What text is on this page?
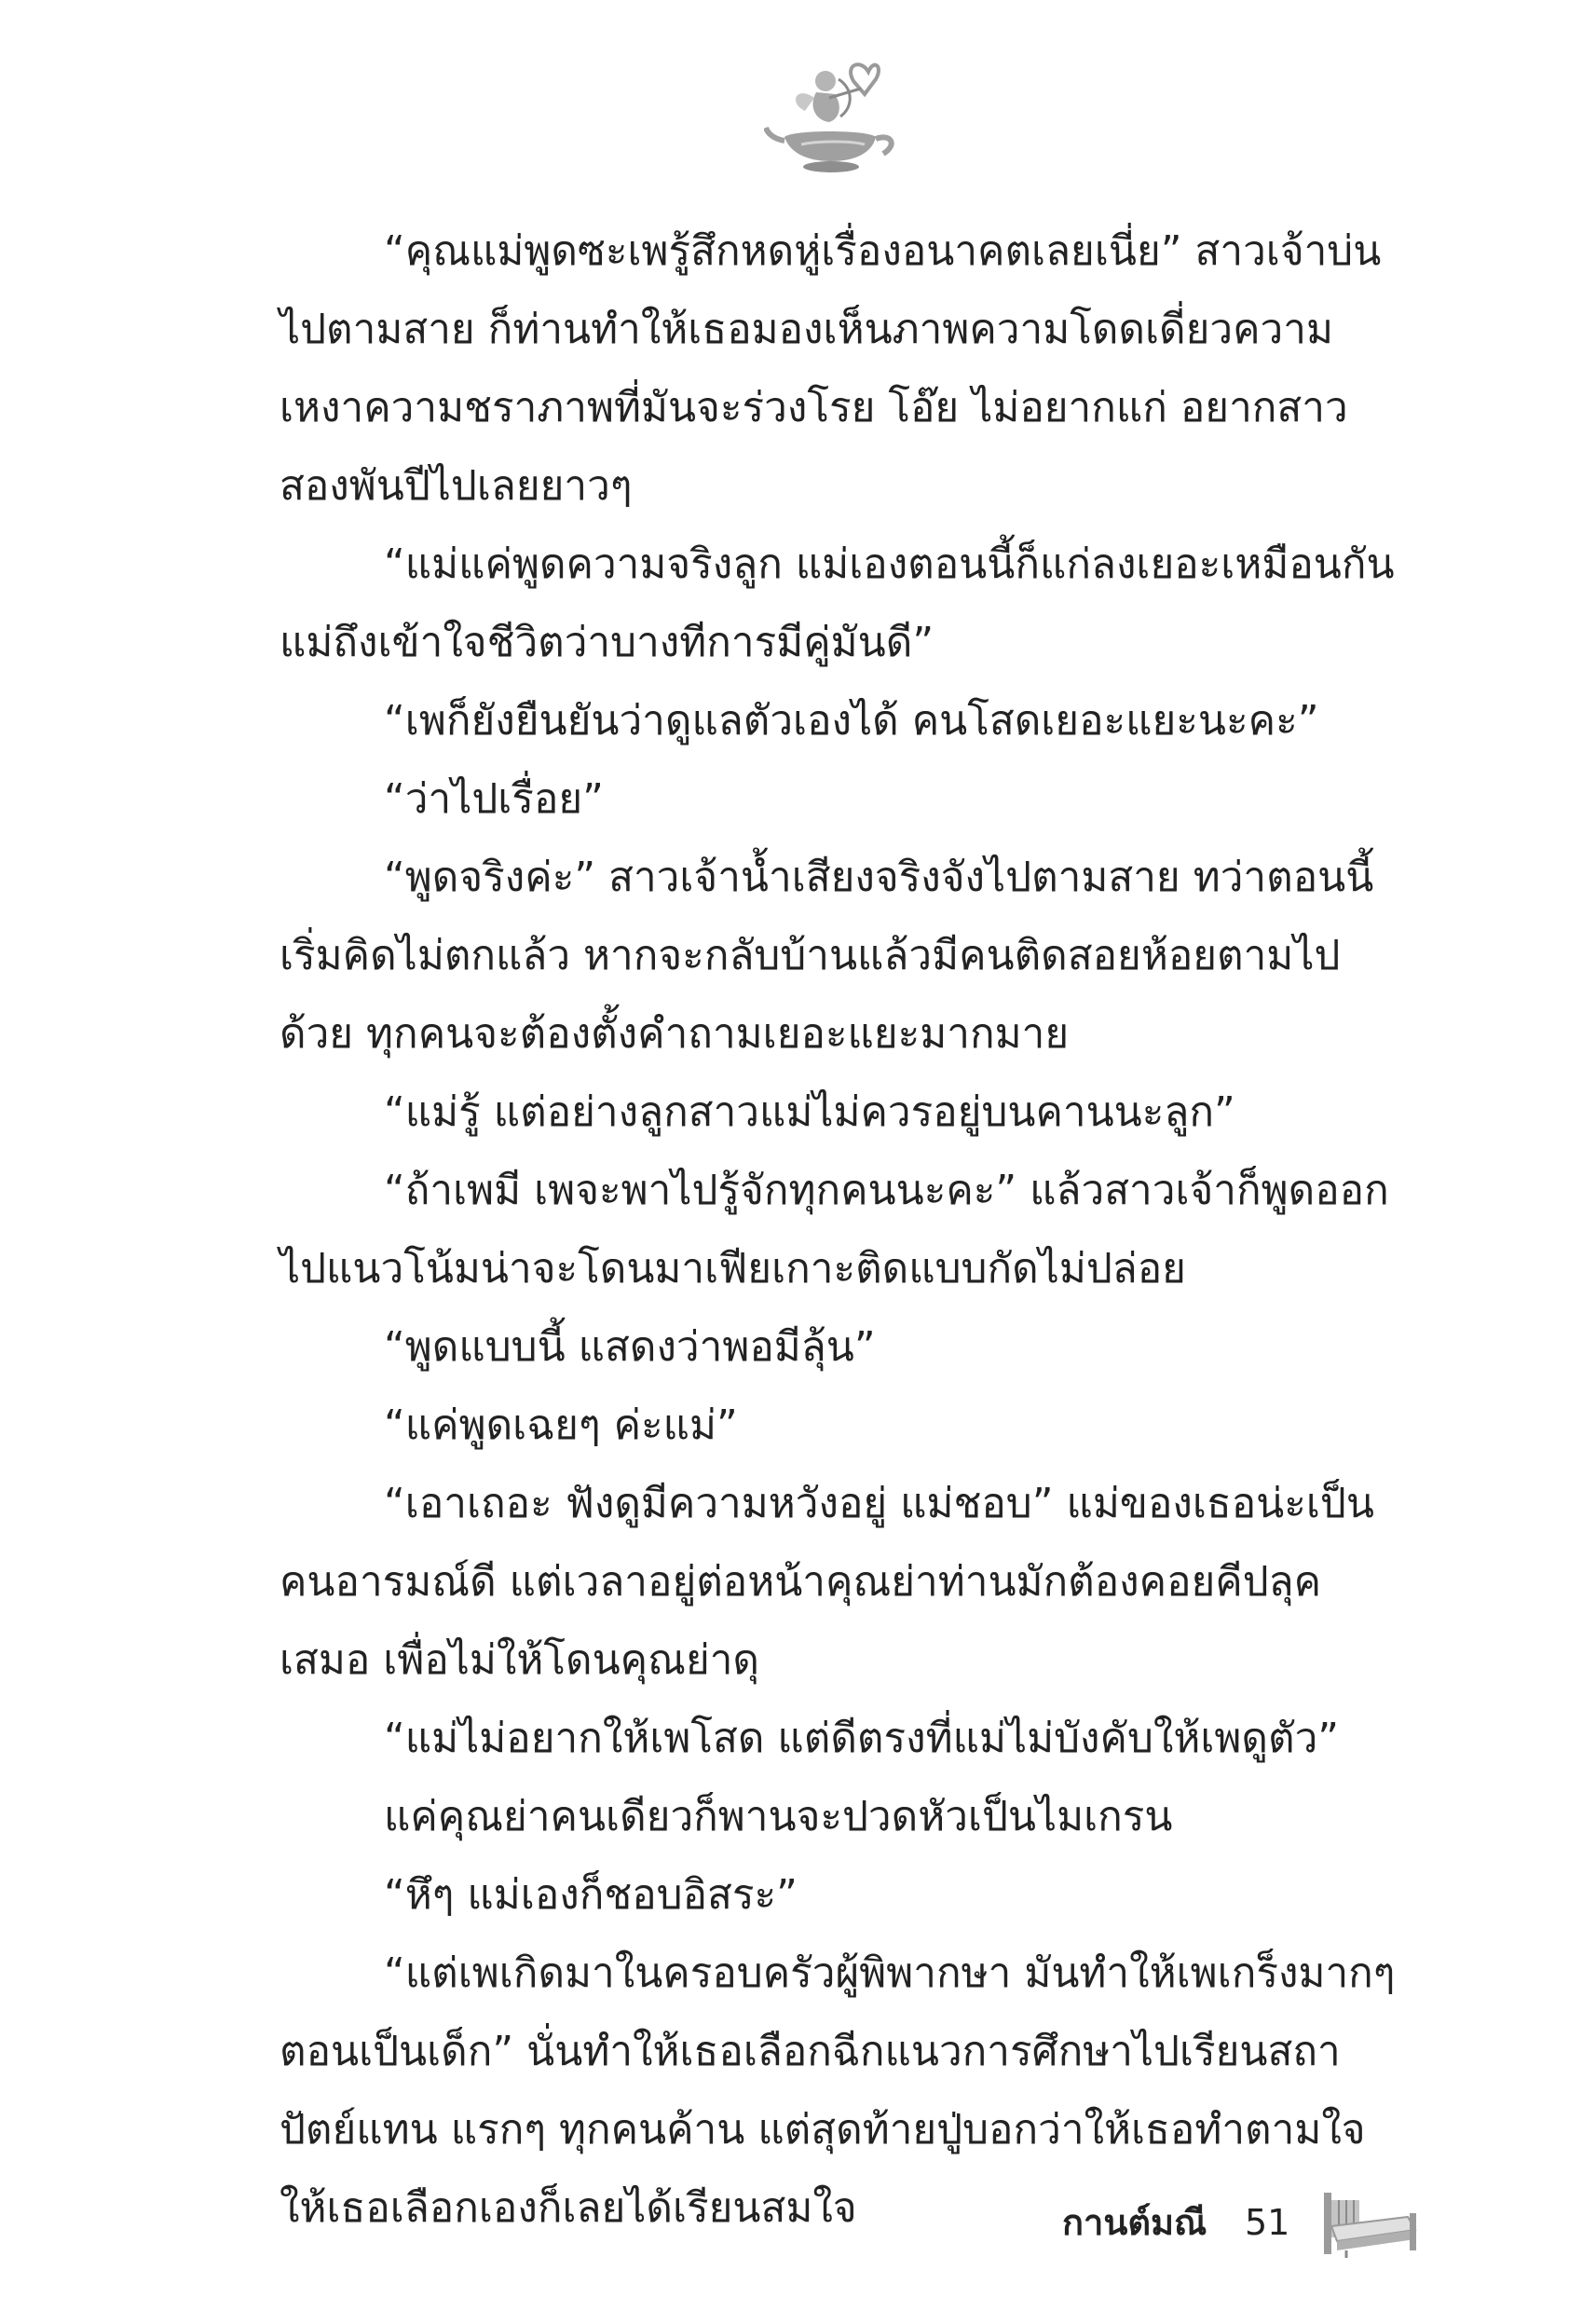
“คุณแม่พูดซะเพรู้สึกหดหู่เรื่องอนาคตเลยเนี่ย” สาวเจ้าบ่นไปตามสาย ก็ท่านทำให้เธอมองเห็นภาพความโดดเดี่ยวความเหงาความชราภาพที่มันจะร่วงโรย โอ๊ย ไม่อยากแก่ อยากสาวสองพันปีไปเลยยาวๆ

“แม่แค่พูดความจริงลูก แม่เองตอนนี้ก็แก่ลงเยอะเหมือนกัน แม่ถึงเข้าใจชีวิตว่าบางทีการมีคู่มันดี”

“เพก็ยังยืนยันว่าดูแลตัวเองได้ คนโสดเยอะแยะนะคะ”

“ว่าไปเรื่อย”

“พูดจริงค่ะ” สาวเจ้าน้ำเสียงจริงจังไปตามสาย ทว่าตอนนี้เริ่มคิดไม่ตกแล้ว หากจะกลับบ้านแล้วมีคนติดสอยห้อยตามไปด้วย ทุกคนจะต้องตั้งคำถามเยอะแยะมากมาย

“แม่รู้ แต่อย่างลูกสาวแม่ไม่ควรอยู่บนคานนะลูก”

“ถ้าเพมี เพจะพาไปรู้จักทุกคนนะคะ” แล้วสาวเจ้าก็พูดออกไปแนวโน้มน่าจะโดนมาเฟียเกาะติดแบบกัดไม่ปล่อย

“พูดแบบนี้ แสดงว่าพอมีลุ้น”

“แค่พูดเฉยๆ ค่ะแม่”

“เอาเถอะ ฟังดูมีความหวังอยู่ แม่ชอบ” แม่ของเธอน่ะเป็นคนอารมณ์ดี แต่เวลาอยู่ต่อหน้าคุณย่าท่านมักต้องคอยคีปลุคเสมอ เพื่อไม่ให้โดนคุณย่าดุ

“แม่ไม่อยากให้เพโสด แต่ดีตรงที่แม่ไม่บังคับให้เพดูตัว”

แค่คุณย่าคนเดียวก็พานจะปวดหัวเป็นไมเกรน

“หึๆ แม่เองก็ชอบอิสระ”

“แต่เพเกิดมาในครอบครัวผู้พิพากษา มันทำให้เพเกร็งมากๆ ตอนเป็นเด็ก” นั่นทำให้เธอเลือกฉีกแนวการศึกษาไปเรียนสถาปัตย์แทน แรกๆ ทุกคนค้าน แต่สุดท้ายปู่บอกว่าให้เธอทำตามใจ ให้เธอเลือกเองก็เลยได้เรียนสมใจ	กานต์มณี 51
